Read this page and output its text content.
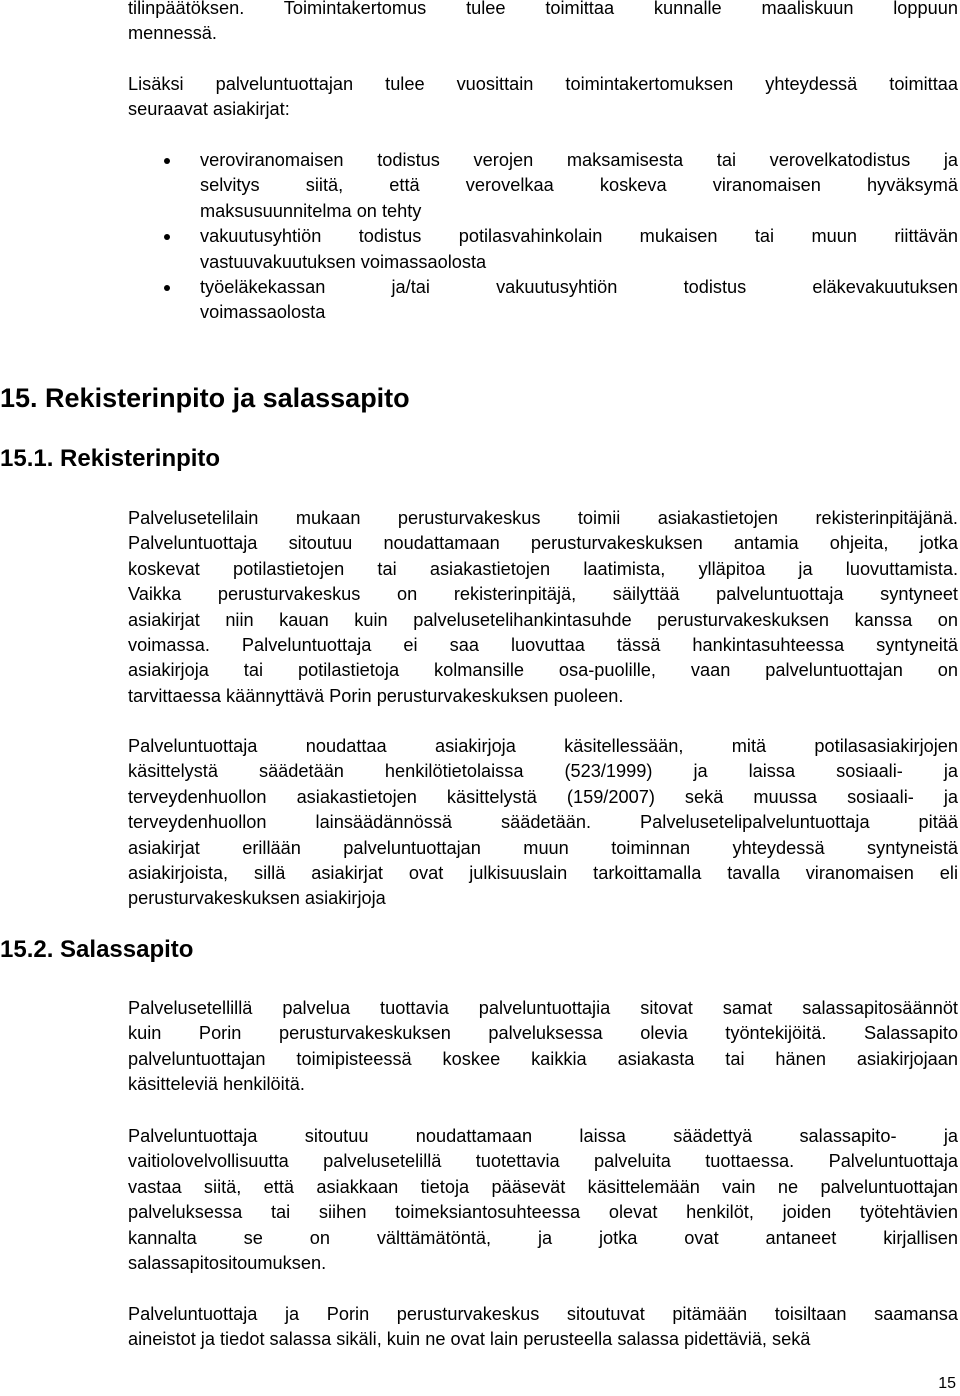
tilinpäätöksen. Toimintakertomus tulee toimittaa kunnalle maaliskuun loppuun
mennessä.

Lisäksi palveluntuottajan tulee vuosittain toimintakertomuksen yhteydessä toimittaa
seuraavat asiakirjat:

veroviranomaisen todistus verojen maksamisesta tai verovelkatodistus ja
selvitys siitä, että verovelkaa koskeva viranomaisen hyväksymä
maksusuunnitelma on tehty
vakuutusyhtiön todistus potilasvahinkolain mukaisen tai muun riittävän
vastuuvakuutuksen voimassaolosta
työeläkekassan ja/tai vakuutusyhtiön todistus eläkevakuutuksen
voimassaolosta
15. Rekisterinpito ja salassapito
15.1. Rekisterinpito

Palvelusetelilain mukaan perusturvakeskus toimii asiakastietojen rekisterinpitäjänä.
Palveluntuottaja sitoutuu noudattamaan perusturvakeskuksen antamia ohjeita, jotka
koskevat potilastietojen tai asiakastietojen laatimista, ylläpitoa ja luovuttamista.
Vaikka perusturvakeskus on rekisterinpitäjä, säilyttää palveluntuottaja syntyneet
asiakirjat niin kauan kuin palvelusetelihankintasuhde perusturvakeskuksen kanssa on
voimassa. Palveluntuottaja ei saa luovuttaa tässä hankintasuhteessa syntyneitä
asiakirjoja tai potilastietoja kolmansille osa-puolille, vaan palveluntuottajan on
tarvittaessa käännyttävä Porin perusturvakeskuksen puoleen.

Palveluntuottaja noudattaa asiakirjoja käsitellessään, mitä potilasasiakirjojen
käsittelystä säädetään henkilötietolaissa (523/1999) ja laissa sosiaali- ja
terveydenhuollon asiakastietojen käsittelystä (159/2007) sekä muussa sosiaali- ja
terveydenhuollon lainsäädännössä säädetään. Palvelusetelipalveluntuottaja pitää
asiakirjat erillään palveluntuottajan muun toiminnan yhteydessä syntyneistä
asiakirjoista, sillä asiakirjat ovat julkisuuslain tarkoittamalla tavalla viranomaisen eli
perusturvakeskuksen asiakirjoja

15.2. Salassapito

Palvelusetellillä palvelua tuottavia palveluntuottajia sitovat samat salassapitosäännöt
kuin Porin perusturvakeskuksen palveluksessa olevia työntekijöitä. Salassapito
palveluntuottajan toimipisteessä koskee kaikkia asiakasta tai hänen asiakirjojaan
käsitteleviä henkilöitä.

Palveluntuottaja sitoutuu noudattamaan laissa säädettyä salassapito- ja
vaitiolovelvollisuutta palvelusetelillä tuotettavia palveluita tuottaessa. Palveluntuottaja
vastaa siitä, että asiakkaan tietoja pääsevät käsittelemään vain ne palveluntuottajan
palveluksessa tai siihen toimeksiantosuhteessa olevat henkilöt, joiden työtehtävien
kannalta se on välttämätöntä, ja jotka ovat antaneet kirjallisen
salassapitositoumuksen.

Palveluntuottaja ja Porin perusturvakeskus sitoutuvat pitämään toisiltaan saamansa
aineistot ja tiedot salassa sikäli, kuin ne ovat lain perusteella salassa pidettäviä, sekä

15
